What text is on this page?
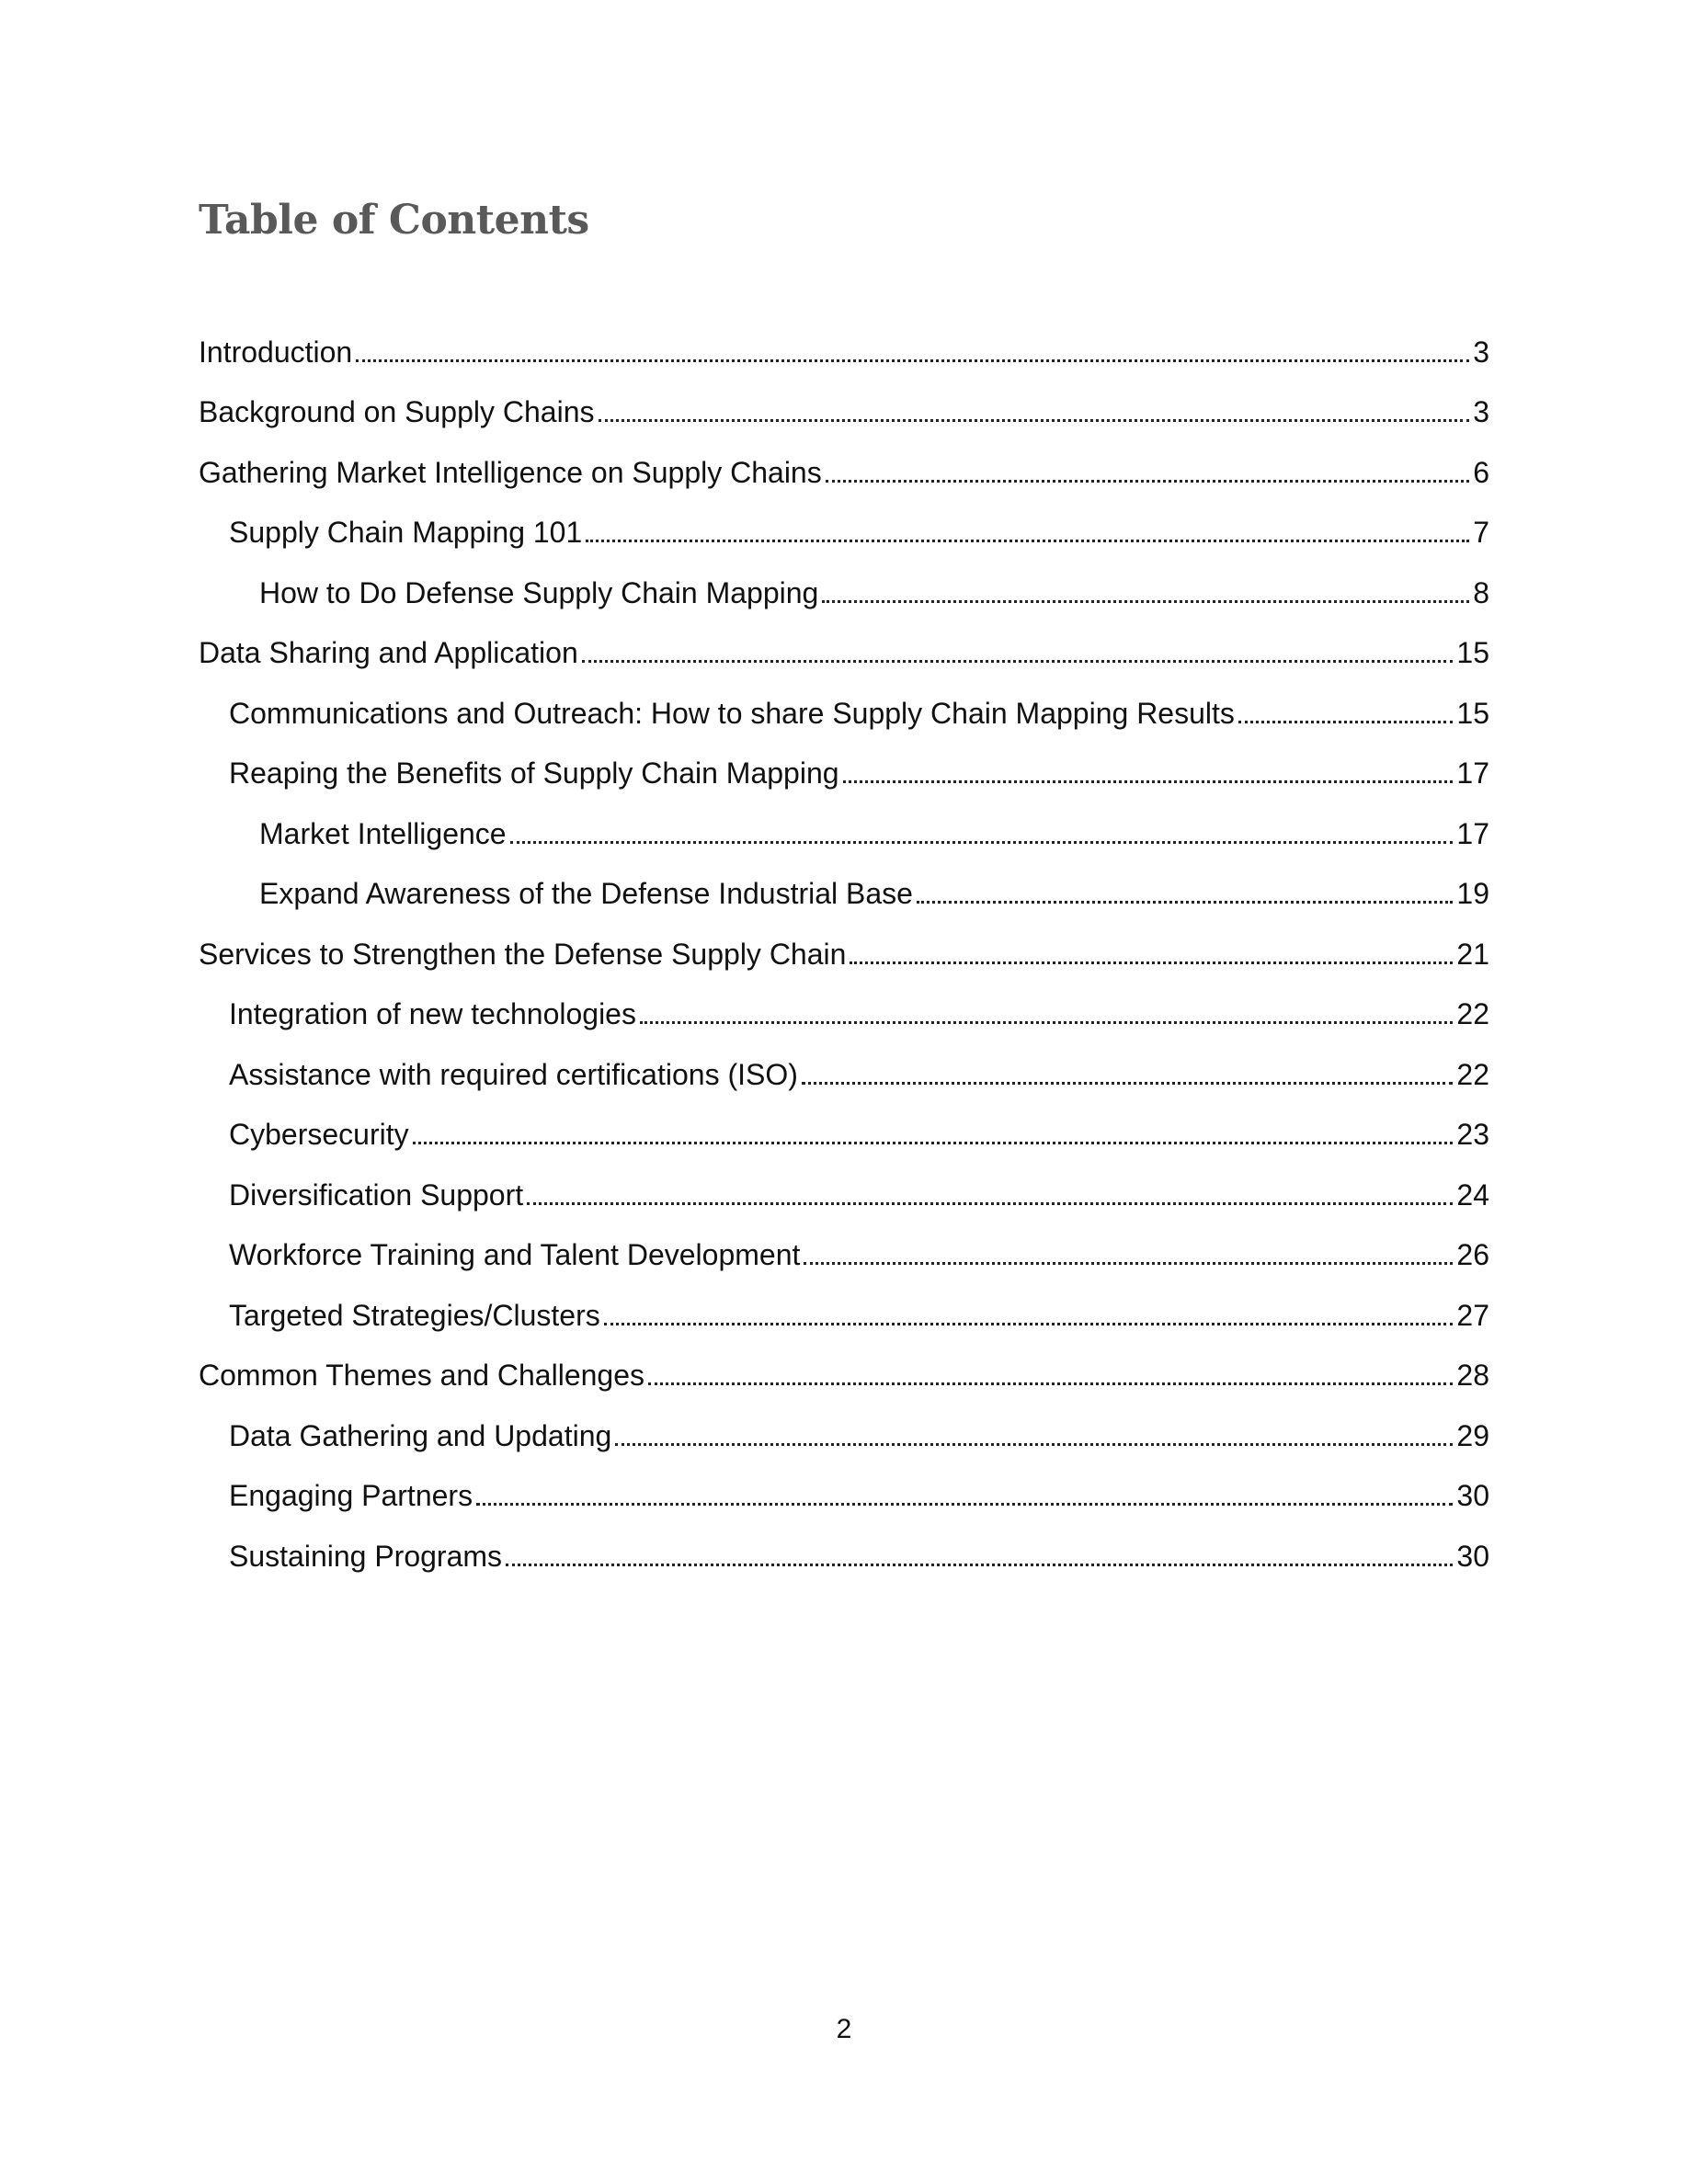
Table of Contents
Introduction	3
Background on Supply Chains	3
Gathering Market Intelligence on Supply Chains	6
Supply Chain Mapping 101	7
How to Do Defense Supply Chain Mapping	8
Data Sharing and Application	15
Communications and Outreach: How to share Supply Chain Mapping Results	15
Reaping the Benefits of Supply Chain Mapping	17
Market Intelligence	17
Expand Awareness of the Defense Industrial Base	19
Services to Strengthen the Defense Supply Chain	21
Integration of new technologies	22
Assistance with required certifications (ISO)	22
Cybersecurity	23
Diversification Support	24
Workforce Training and Talent Development	26
Targeted Strategies/Clusters	27
Common Themes and Challenges	28
Data Gathering and Updating	29
Engaging Partners	30
Sustaining Programs	30
2
